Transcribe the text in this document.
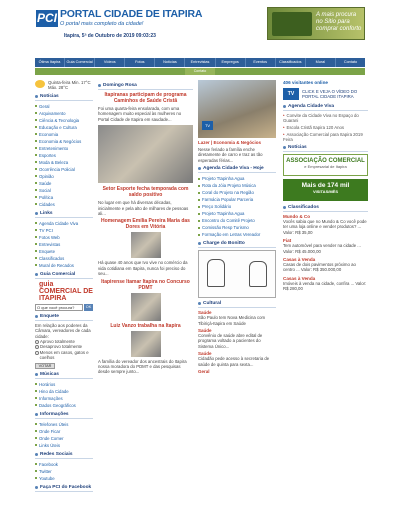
PCI PORTAL CIDADE DE ITAPIRA
O portal mais completo da cidade!
Itapira, 5ª de Outubro de 2019 09:03:23
A mais procura no Sitio para comprar conforto
Ótima Itapira	Guia Comercial	Vídeos	Fotos	Notícias	Entrevistas	Empregos	Eventos	Classificados	Mural	Contato
Contato
Quinta-feira Min. 17°C Máx. 28°C
Notícias
Geral
Arquivamento
Ciência & Tecnologia
Educação e Cultura
Economia
Economia & Negócios
Entretenimento
Esportes
Moda & Beleza
Ocorrência Policial
Opinião
Saúde
Social
Política
Cidades
Links
Agenda Cidade Viva
TV PCI
Fotos Web
Entrevistas
Enquete
Classificados
Mural de Recados
Guia Comercial
guia COMERCIAL DE ITAPIRA
O que você procura?	OK
Enquete
Em relação aos poderes da Câmara, vereadores de cada cidade:
Aprovo totalmente
Desaprovo totalmente
Menos em casos, gatos e coelhos
VOTAR
Músicas
Horários
Hino da Cidade
Informações
Dados Geográficos
Informações
Telefones Úteis
Onde Ficar
Onde Comer
Links Úteis
Redes Sociais
Facebook
Twitter
Youtube
Faça PCI do Facebook
Domingo Rosa
Itapiranas participam de programa Caminhos de Saúde Cristã
Foi uma quarta-feira ensolarada, com uma homenagem muito especial às mulheres no Portal Cidade de Itapira em saudade...
Setor Esporte fecha temporada com saldo positivo
No lugar em que há diversas décadas, inicialmente e pela alto de milhares de pessoas ali...
Homenagem Emília Pereira Maria das Dores em Vitória
Há quase 40 anos que Ivo vive no comércio da vida cotidiana em Itapira, nunca foi preciso do seu...
Itapirense Itamar Itapira no Concurso PDMT
Luiz Vanzo trabalha na Itapira
A família do vereador dos ancestrais do Itapira nossa moradora do PDMT e das pesquisas desde sempre junto...
TV
Lazer | Economia & Negócios
Nesse feriado a família enche diretamente de carro e traz as tão esperadas férias...
Agenda Cidade Viva - Hoje
Projeto Ttapinha Agua
Rota da Jóia Projeto Música
Coral do Projeto na Região
Farmácia Popular Parceria
Preço Solidário
Projeto Ttapinha Agua
Encontro do Comitê Projeto
Comissão Resp Turismo
Formação em Letras Vereador
Charge do Bonitto
Cultural
Saúde
São Paulo tem Nova Medicina com Tibiriçá-Itapira em Saúde
Saúde
Convênio de saúde abre edital de programa voltado a pacientes do Sistema Único...
Saúde
Cidadão pede acesso à secretaria de saúde de quinta para sexta...
Geral
406 visitantes online
TV	CLICK E VEJA O VÍDEO DO PORTAL CIDADE ITAPIRA
Agenda Cidade Viva
• Convite da Cidade Viva no Espaço do Guarani
• Escola Cristã Itapira 120 Anos
• Associação Comercial para Itapira 2019 Feira
Notícias
ASSOCIAÇÃO COMERCIAL
e Empresarial de Itapira
Mais de 174 mil
VISITAS/MÊS
Classificados
Mundo & Co
Vocês sabia que no Mundo & Co você pode ter uma loja online e vender produtos? ... Valor: R$ 35,00
Fiat
Tem automóvel para vender na cidade ... Valor: R$ 45.000,00
Casas à Venda
Casas de dois pavimentos próximo ao centro ... Valor: R$ 350.000,00
Casas à Venda
Imóveis à venda na cidade, confira ... Valor: R$ 280,00
